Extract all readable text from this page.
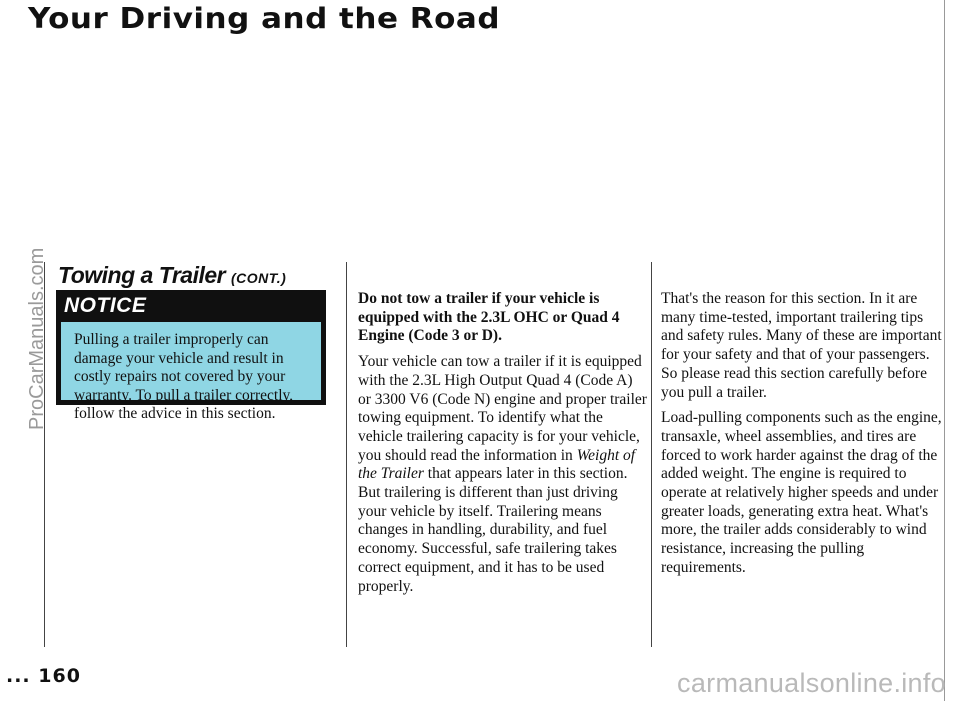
Your Driving and the Road
ProCarManuals.com Towing a Trailer (CONT.)
NOTICE
Pulling a trailer improperly can damage your vehicle and result in costly repairs not covered by your warranty. To pull a trailer correctly, follow the advice in this section.

Do not tow a trailer if your vehicle is equipped with the 2.3L OHC or Quad 4 Engine (Code 3 or D).

Your vehicle can tow a trailer if it is equipped with the 2.3L High Output Quad 4 (Code A) or 3300 V6 (Code N) engine and proper trailer towing equipment. To identify what the vehicle trailering capacity is for your vehicle, you should read the information in Weight of the Trailer that appears later in this section. But trailering is different than just driving your vehicle by itself. Trailering means changes in handling, durability, and fuel economy. Successful, safe trailering takes correct equipment, and it has to be used properly.

That's the reason for this section. In it are many time-tested, important trailering tips and safety rules. Many of these are important for your safety and that of your passengers. So please read this section carefully before you pull a trailer.

Load-pulling components such as the engine, transaxle, wheel assemblies, and tires are forced to work harder against the drag of the added weight. The engine is required to operate at relatively higher speeds and under greater loads, generating extra heat. What's more, the trailer adds considerably to wind resistance, increasing the pulling requirements.

... 160	carmanualsonline.info
